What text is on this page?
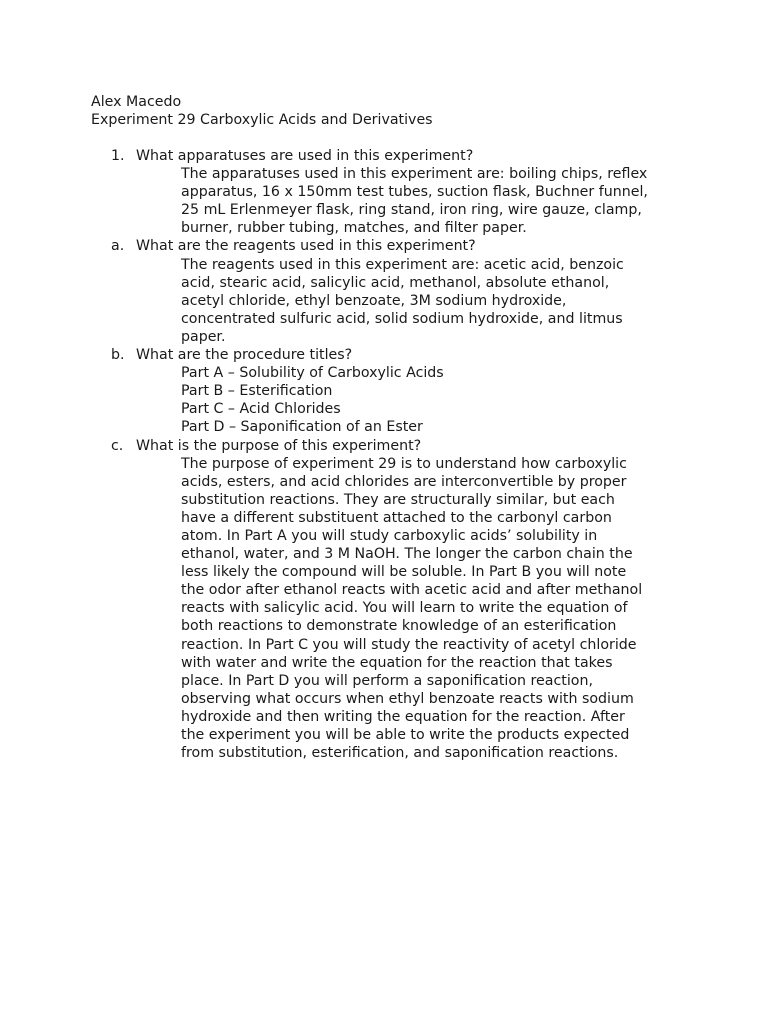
Alex Macedo
Experiment 29 Carboxylic Acids and Derivatives
1. What apparatuses are used in this experiment?
The apparatuses used in this experiment are: boiling chips, reflex
apparatus, 16 x 150mm test tubes, suction flask, Buchner funnel,
25 mL Erlenmeyer flask, ring stand, iron ring, wire gauze, clamp,
burner, rubber tubing, matches, and filter paper.
a. What are the reagents used in this experiment?
The reagents used in this experiment are: acetic acid, benzoic
acid, stearic acid, salicylic acid, methanol, absolute ethanol,
acetyl chloride, ethyl benzoate, 3M sodium hydroxide,
concentrated sulfuric acid, solid sodium hydroxide, and litmus
paper.
b. What are the procedure titles?
Part A – Solubility of Carboxylic Acids
Part B – Esterification
Part C – Acid Chlorides
Part D – Saponification of an Ester
c. What is the purpose of this experiment?
The purpose of experiment 29 is to understand how carboxylic
acids, esters, and acid chlorides are interconvertible by proper
substitution reactions. They are structurally similar, but each
have a different substituent attached to the carbonyl carbon
atom. In Part A you will study carboxylic acids’ solubility in
ethanol, water, and 3 M NaOH. The longer the carbon chain the
less likely the compound will be soluble. In Part B you will note
the odor after ethanol reacts with acetic acid and after methanol
reacts with salicylic acid. You will learn to write the equation of
both reactions to demonstrate knowledge of an esterification
reaction. In Part C you will study the reactivity of acetyl chloride
with water and write the equation for the reaction that takes
place. In Part D you will perform a saponification reaction,
observing what occurs when ethyl benzoate reacts with sodium
hydroxide and then writing the equation for the reaction. After
the experiment you will be able to write the products expected
from substitution, esterification, and saponification reactions.
